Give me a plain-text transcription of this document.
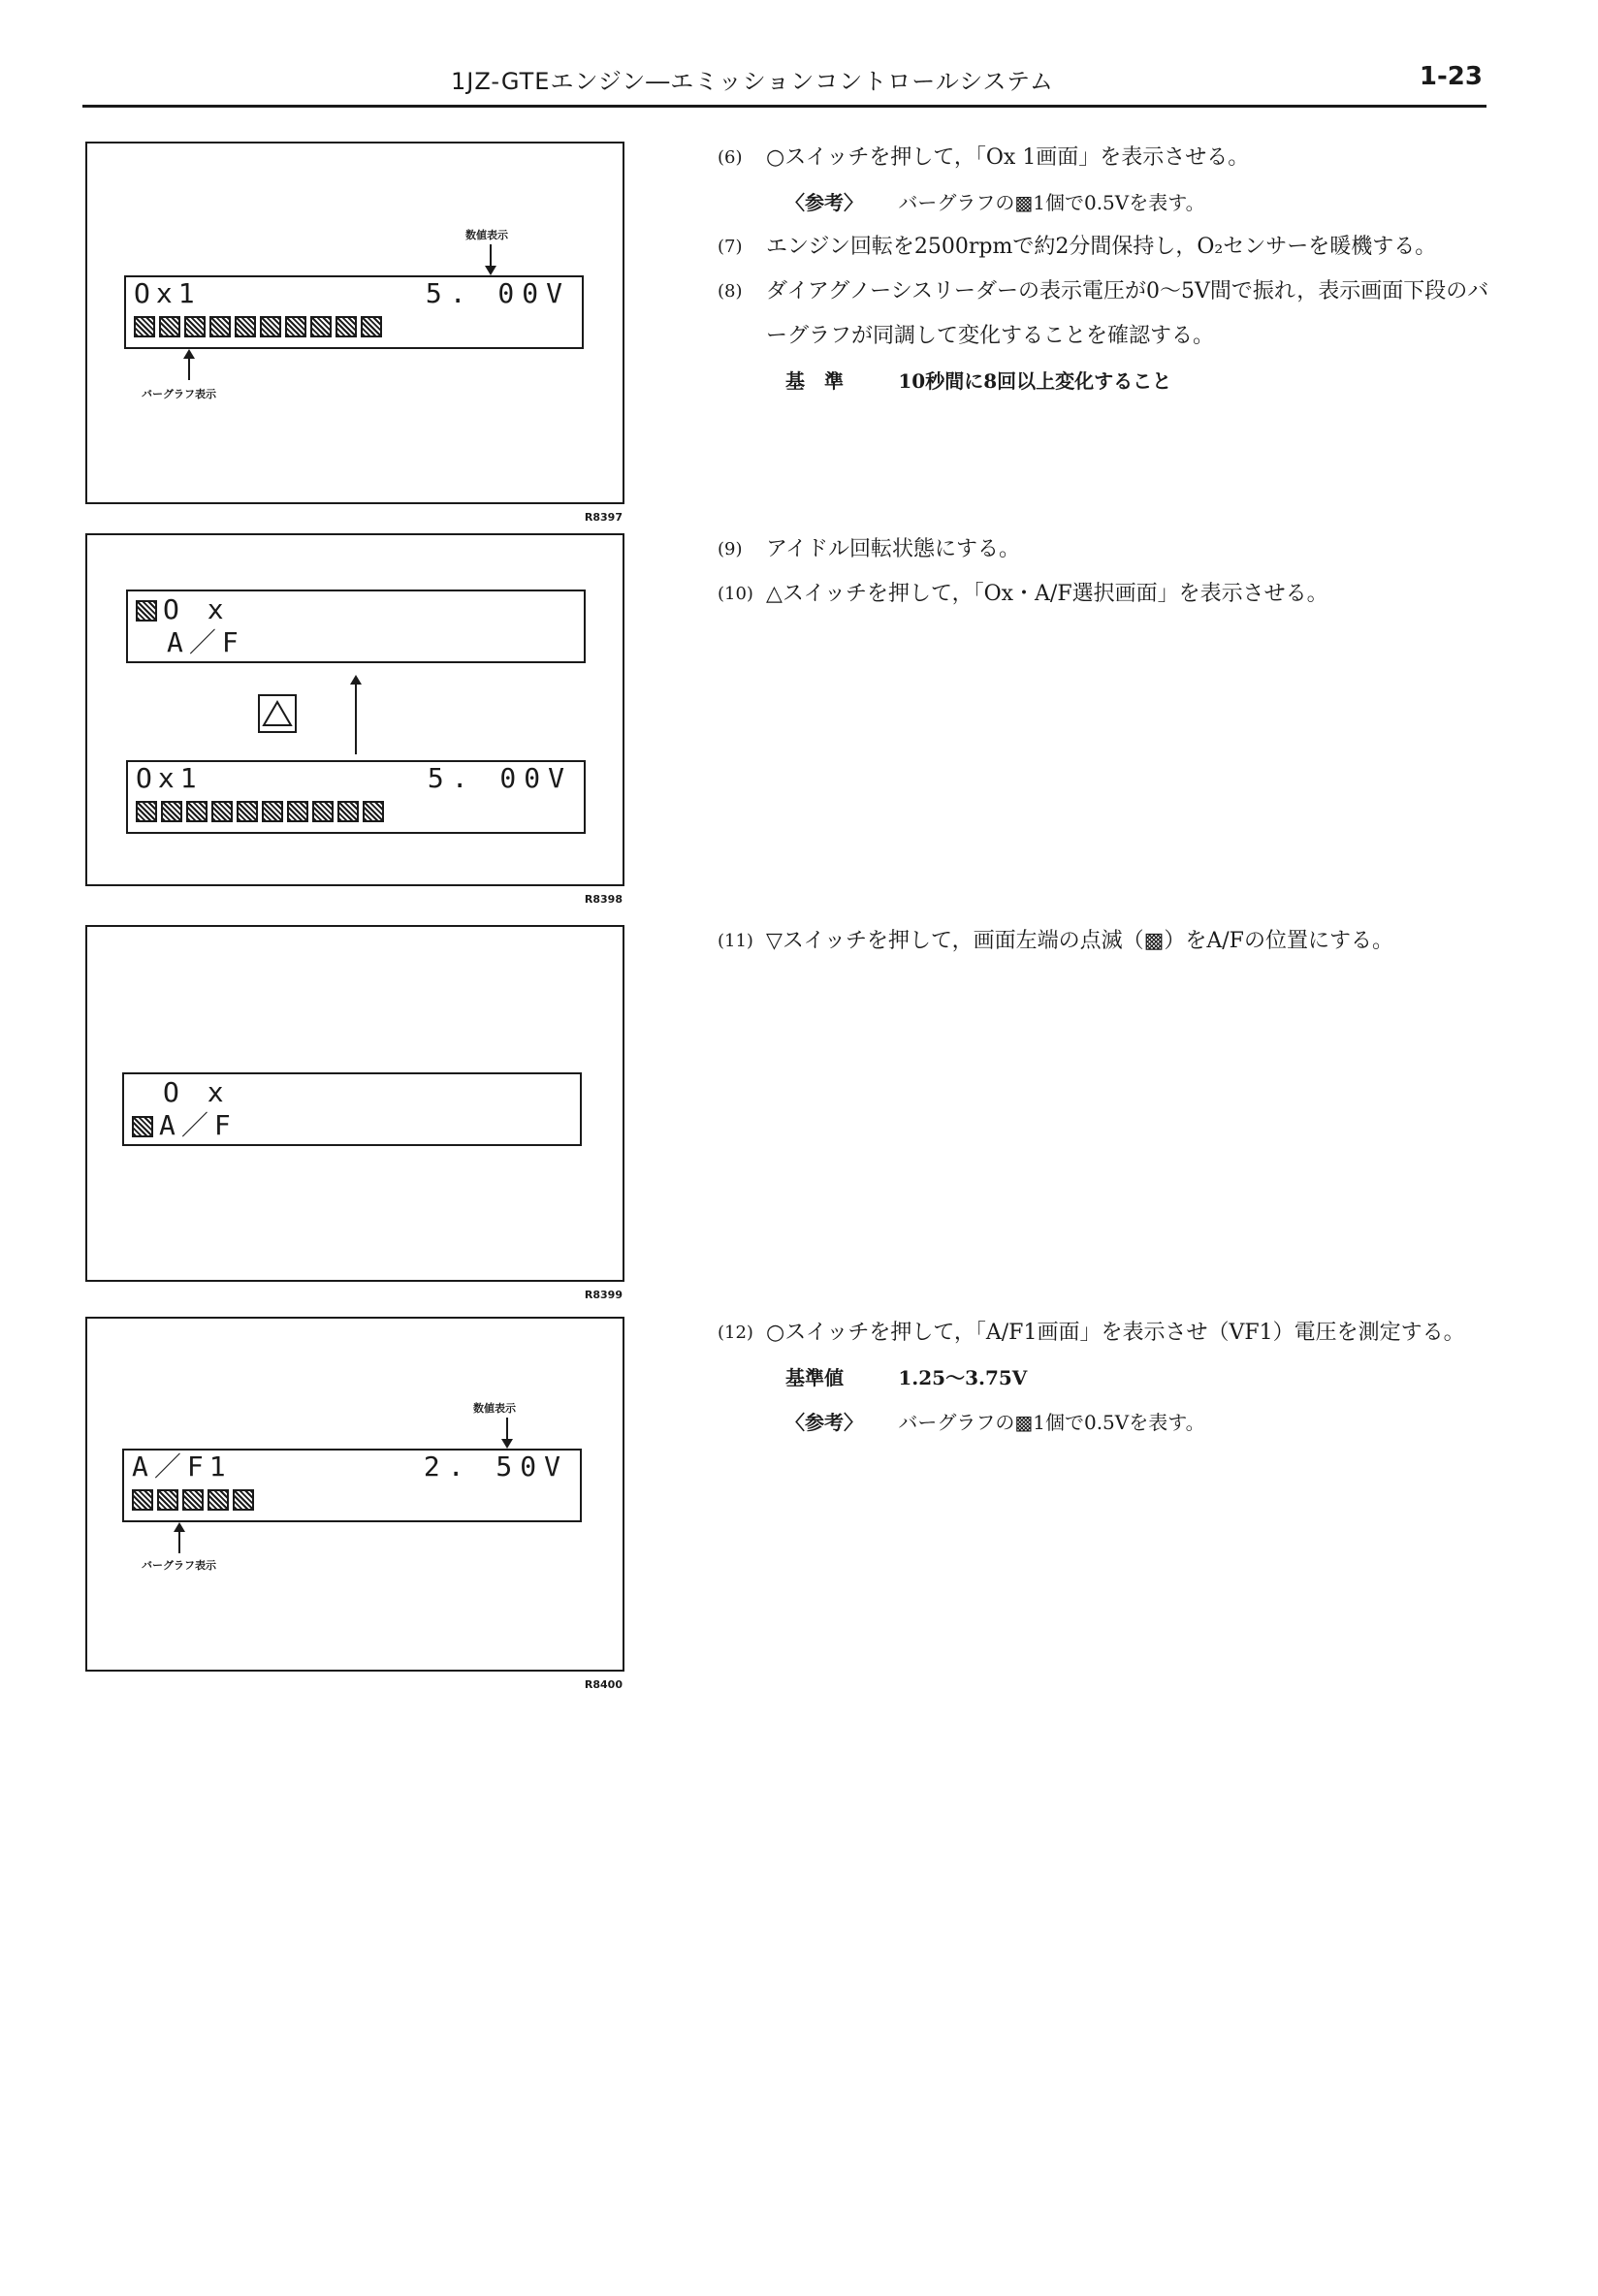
1JZ-GTEエンジン―エミッションコントロールシステム	1-23
数値表示
Ox1	5. 00V
バーグラフ表示
R8397
O x
A／F
Ox1	5. 00V
R8398
O x
A／F
R8399
数値表示
A／F1	2. 50V
バーグラフ表示
R8400
(6) ○スイッチを押して，「Ox 1画面」を表示させる。
〈参考〉 バーグラフの▩1個で0.5Vを表す。
(7) エンジン回転を2500rpmで約2分間保持し，O₂センサーを暖機する。
(8) ダイアグノーシスリーダーの表示電圧が0～5V間で振れ，表示画面下段のバーグラフが同調して変化することを確認する。
基　準	10秒間に8回以上変化すること
(9) アイドル回転状態にする。
(10) △スイッチを押して，「Ox・A/F選択画面」を表示させる。
(11) ▽スイッチを押して，画面左端の点滅（▩）をA/Fの位置にする。
(12) ○スイッチを押して，「A/F1画面」を表示させ（VF1）電圧を測定する。
基準値	1.25～3.75V
〈参考〉 バーグラフの▩1個で0.5Vを表す。
